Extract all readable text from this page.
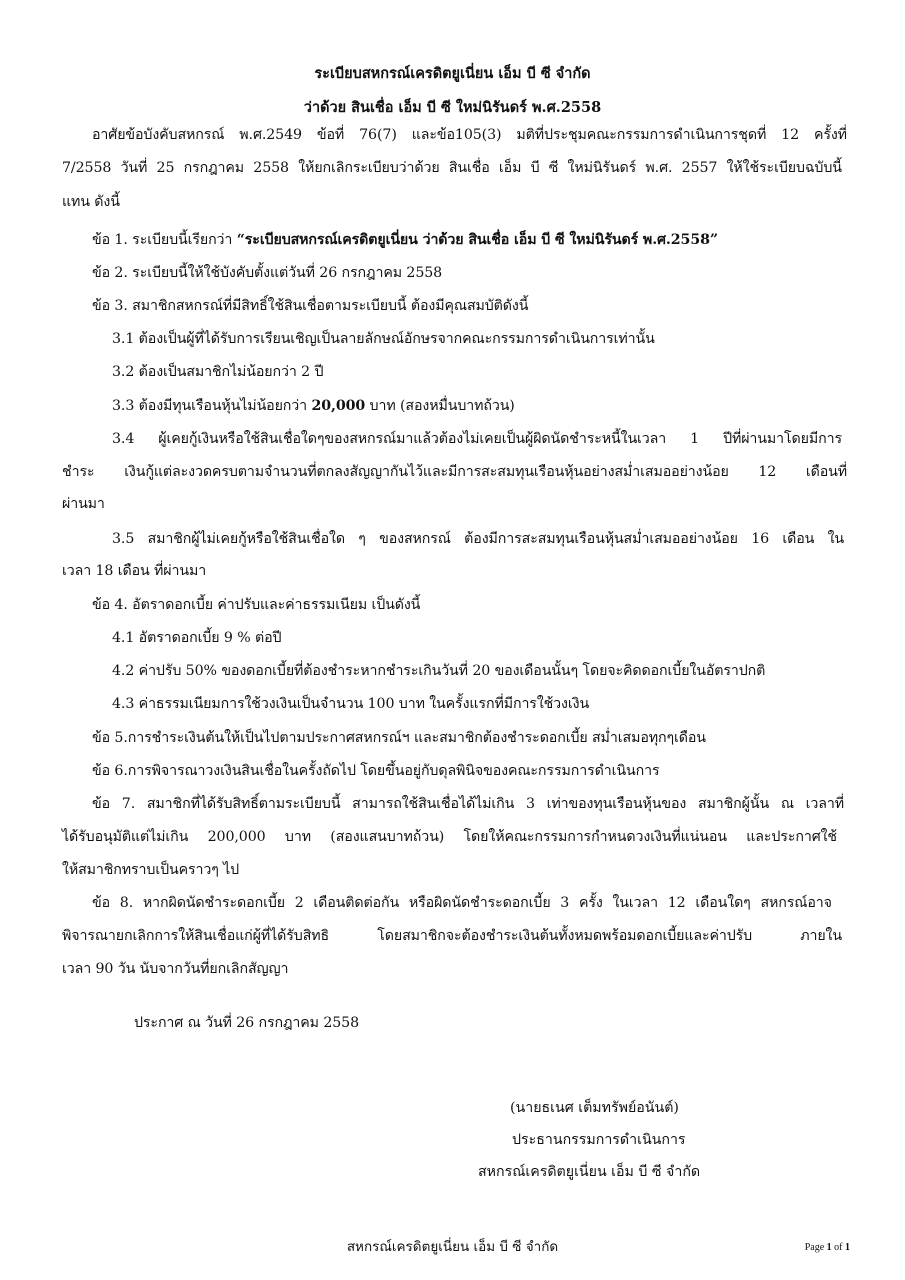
ระเบียบสหกรณ์เครดิตยูเนี่ยน เอ็ม บี ซี จำกัด
ว่าด้วย สินเชื่อ เอ็ม บี ซี ใหม่นิรันดร์ พ.ศ.2558
อาศัยข้อบังคับสหกรณ์ พ.ศ.2549 ข้อที่ 76(7) และข้อ105(3) มติที่ประชุมคณะกรรมการดำเนินการชุดที่ 12 ครั้งที่
7/2558 วันที่ 25 กรกฎาคม 2558 ให้ยกเลิกระเบียบว่าด้วย สินเชื่อ เอ็ม บี ซี ใหม่นิรันดร์ พ.ศ. 2557 ให้ใช้ระเบียบฉบับนี้
แทน ดังนี้
ข้อ 1. ระเบียบนี้เรียกว่า “ระเบียบสหกรณ์เครดิตยูเนี่ยน ว่าด้วย สินเชื่อ เอ็ม บี ซี ใหม่นิรันดร์ พ.ศ.2558”
ข้อ 2. ระเบียบนี้ให้ใช้บังคับตั้งแต่วันที่ 26 กรกฎาคม 2558
ข้อ 3. สมาชิกสหกรณ์ที่มีสิทธิ์ใช้สินเชื่อตามระเบียบนี้ ต้องมีคุณสมบัติดังนี้
3.1 ต้องเป็นผู้ที่ได้รับการเรียนเชิญเป็นลายลักษณ์อักษรจากคณะกรรมการดำเนินการเท่านั้น
3.2 ต้องเป็นสมาชิกไม่น้อยกว่า 2 ปี
3.3 ต้องมีทุนเรือนหุ้นไม่น้อยกว่า 20,000 บาท (สองหมื่นบาทถ้วน)
3.4 ผู้เคยกู้เงินหรือใช้สินเชื่อใดๆของสหกรณ์มาแล้วต้องไม่เคยเป็นผู้ผิดนัดชำระหนี้ในเวลา 1 ปีที่ผ่านมาโดยมีการ
ชำระ เงินกู้แต่ละงวดครบตามจำนวนที่ตกลงสัญญากันไว้และมีการสะสมทุนเรือนหุ้นอย่างสม่ำเสมออย่างน้อย 12 เดือนที่
ผ่านมา
3.5 สมาชิกผู้ไม่เคยกู้หรือใช้สินเชื่อใด ๆ ของสหกรณ์ ต้องมีการสะสมทุนเรือนหุ้นสม่ำเสมออย่างน้อย 16 เดือน ใน
เวลา 18 เดือน ที่ผ่านมา
ข้อ 4. อัตราดอกเบี้ย ค่าปรับและค่าธรรมเนียม เป็นดังนี้
4.1 อัตราดอกเบี้ย 9 % ต่อปี
4.2 ค่าปรับ 50% ของดอกเบี้ยที่ต้องชำระหากชำระเกินวันที่ 20 ของเดือนนั้นๆ โดยจะคิดดอกเบี้ยในอัตราปกติ
4.3 ค่าธรรมเนียมการใช้วงเงินเป็นจำนวน 100 บาท ในครั้งแรกที่มีการใช้วงเงิน
ข้อ 5.การชำระเงินต้นให้เป็นไปตามประกาศสหกรณ์ฯ และสมาชิกต้องชำระดอกเบี้ย สม่ำเสมอทุกๆเดือน
ข้อ 6.การพิจารณาวงเงินสินเชื่อในครั้งถัดไป โดยขึ้นอยู่กับดุลพินิจของคณะกรรมการดำเนินการ
ข้อ 7. สมาชิกที่ได้รับสิทธิ์ตามระเบียบนี้ สามารถใช้สินเชื่อได้ไม่เกิน 3 เท่าของทุนเรือนหุ้นของ สมาชิกผู้นั้น ณ เวลาที่
ได้รับอนุมัติแต่ไม่เกิน 200,000 บาท (สองแสนบาทถ้วน) โดยให้คณะกรรมการกำหนดวงเงินที่แน่นอน และประกาศใช้
ให้สมาชิกทราบเป็นคราวๆ ไป
ข้อ 8. หากผิดนัดชำระดอกเบี้ย 2 เดือนติดต่อกัน หรือผิดนัดชำระดอกเบี้ย 3 ครั้ง ในเวลา 12 เดือนใดๆ สหกรณ์อาจ
พิจารณายกเลิกการให้สินเชื่อแก่ผู้ที่ได้รับสิทธิ	โดยสมาชิกจะต้องชำระเงินต้นทั้งหมดพร้อมดอกเบี้ยและค่าปรับ	ภายใน
เวลา 90 วัน นับจากวันที่ยกเลิกสัญญา
ประกาศ ณ วันที่ 26 กรกฎาคม 2558
(นายธเนศ เต็มทรัพย์อนันต์)
ประธานกรรมการดำเนินการ
สหกรณ์เครดิตยูเนี่ยน เอ็ม บี ซี จำกัด
สหกรณ์เครดิตยูเนี่ยน เอ็ม บี ซี จำกัด	Page 1 of 1
